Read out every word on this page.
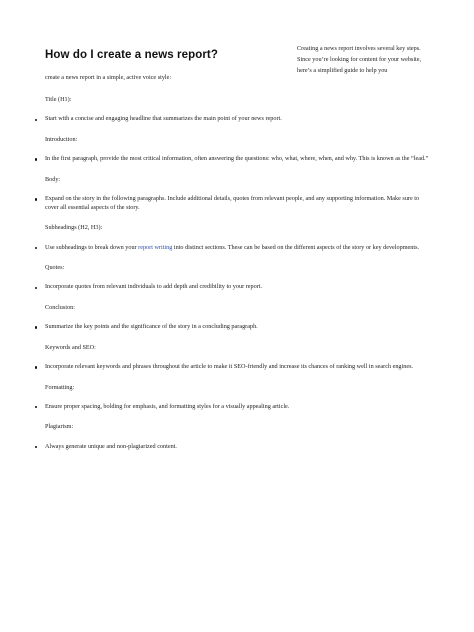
How do I create a news report?

Creating a news report involves several key steps. Since you’re looking for content for your website, here’s a simplified guide to help you

create a news report in a simple, active voice style:

Title (H1):

Start with a concise and engaging headline that summarizes the main point of your news report.

Introduction:

In the first paragraph, provide the most critical information, often answering the questions: who, what, where, when, and why. This is known as the “lead.”

Body:

Expand on the story in the following paragraphs. Include additional details, quotes from relevant people, and any supporting information. Make sure to cover all essential aspects of the story.

Subheadings (H2, H3):

Use subheadings to break down your report writing into distinct sections. These can be based on the different aspects of the story or key developments.

Quotes:

Incorporate quotes from relevant individuals to add depth and credibility to your report.

Conclusion:

Summarize the key points and the significance of the story in a concluding paragraph.

Keywords and SEO:

Incorporate relevant keywords and phrases throughout the article to make it SEO-friendly and increase its chances of ranking well in search engines.

Formatting:

Ensure proper spacing, bolding for emphasis, and formatting styles for a visually appealing article.

Plagiarism:

Always generate unique and non-plagiarized content.
